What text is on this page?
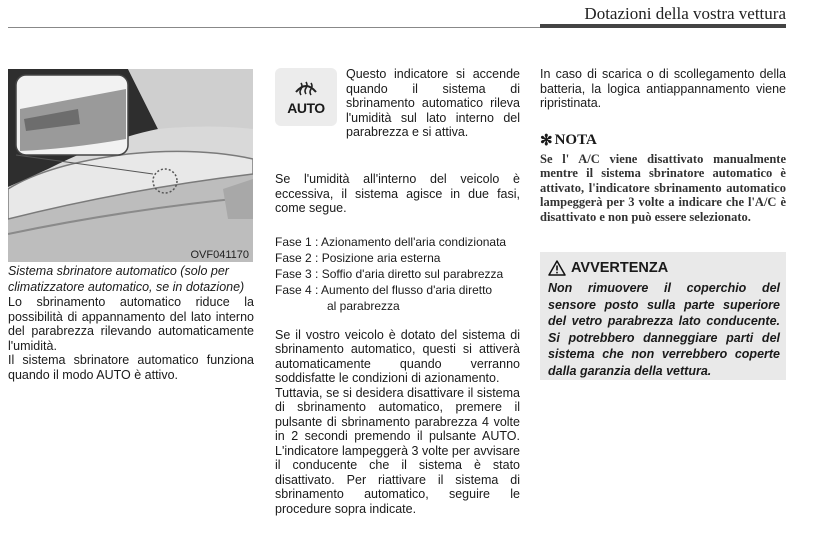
Dotazioni della vostra vettura
OVF041170

Sistema sbrinatore automatico (solo per climatizzatore automatico, se in dotazione)

Lo sbrinamento automatico riduce la possibilità di appannamento del lato interno del parabrezza rilevando automaticamente l'umidità.

Il sistema sbrinatore automatico funziona quando il modo AUTO è attivo.

AUTO

Questo indicatore si accende quando il sistema di sbrinamento automatico rileva l'umidità sul lato interno del parabrezza e si attiva.

Se l'umidità all'interno del veicolo è eccessiva, il sistema agisce in due fasi, come segue.

Fase 1 : Azionamento dell'aria condizionata
Fase 2 : Posizione aria esterna
Fase 3 : Soffio d'aria diretto sul parabrezza
Fase 4 : Aumento del flusso d'aria diretto
al parabrezza

Se il vostro veicolo è dotato del sistema di sbrinamento automatico, questi si attiverà automaticamente quando verranno soddisfatte le condizioni di azionamento.

Tuttavia, se si desidera disattivare il sistema di sbrinamento automatico, premere il pulsante di sbrinamento parabrezza 4 volte in 2 secondi premendo il pulsante AUTO. L'indicatore lampeggerà 3 volte per avvisare il conducente che il sistema è stato disattivato. Per riattivare il sistema di sbrinamento automatico, seguire le procedure sopra indicate.

In caso di scarica o di scollegamento della batteria, la logica antiappannamento viene ripristinata.

✻ NOTA

Se l' A/C viene disattivato manualmente mentre il sistema sbrinatore automatico è attivato, l'indicatore sbrinamento automatico lampeggerà per 3 volte a indicare che l'A/C è disattivato e non può essere selezionato.

AVVERTENZA

Non rimuovere il coperchio del sensore posto sulla parte superiore del vetro parabrezza lato conducente. Si potrebbero danneggiare parti del sistema che non verrebbero coperte dalla garanzia della vettura.
